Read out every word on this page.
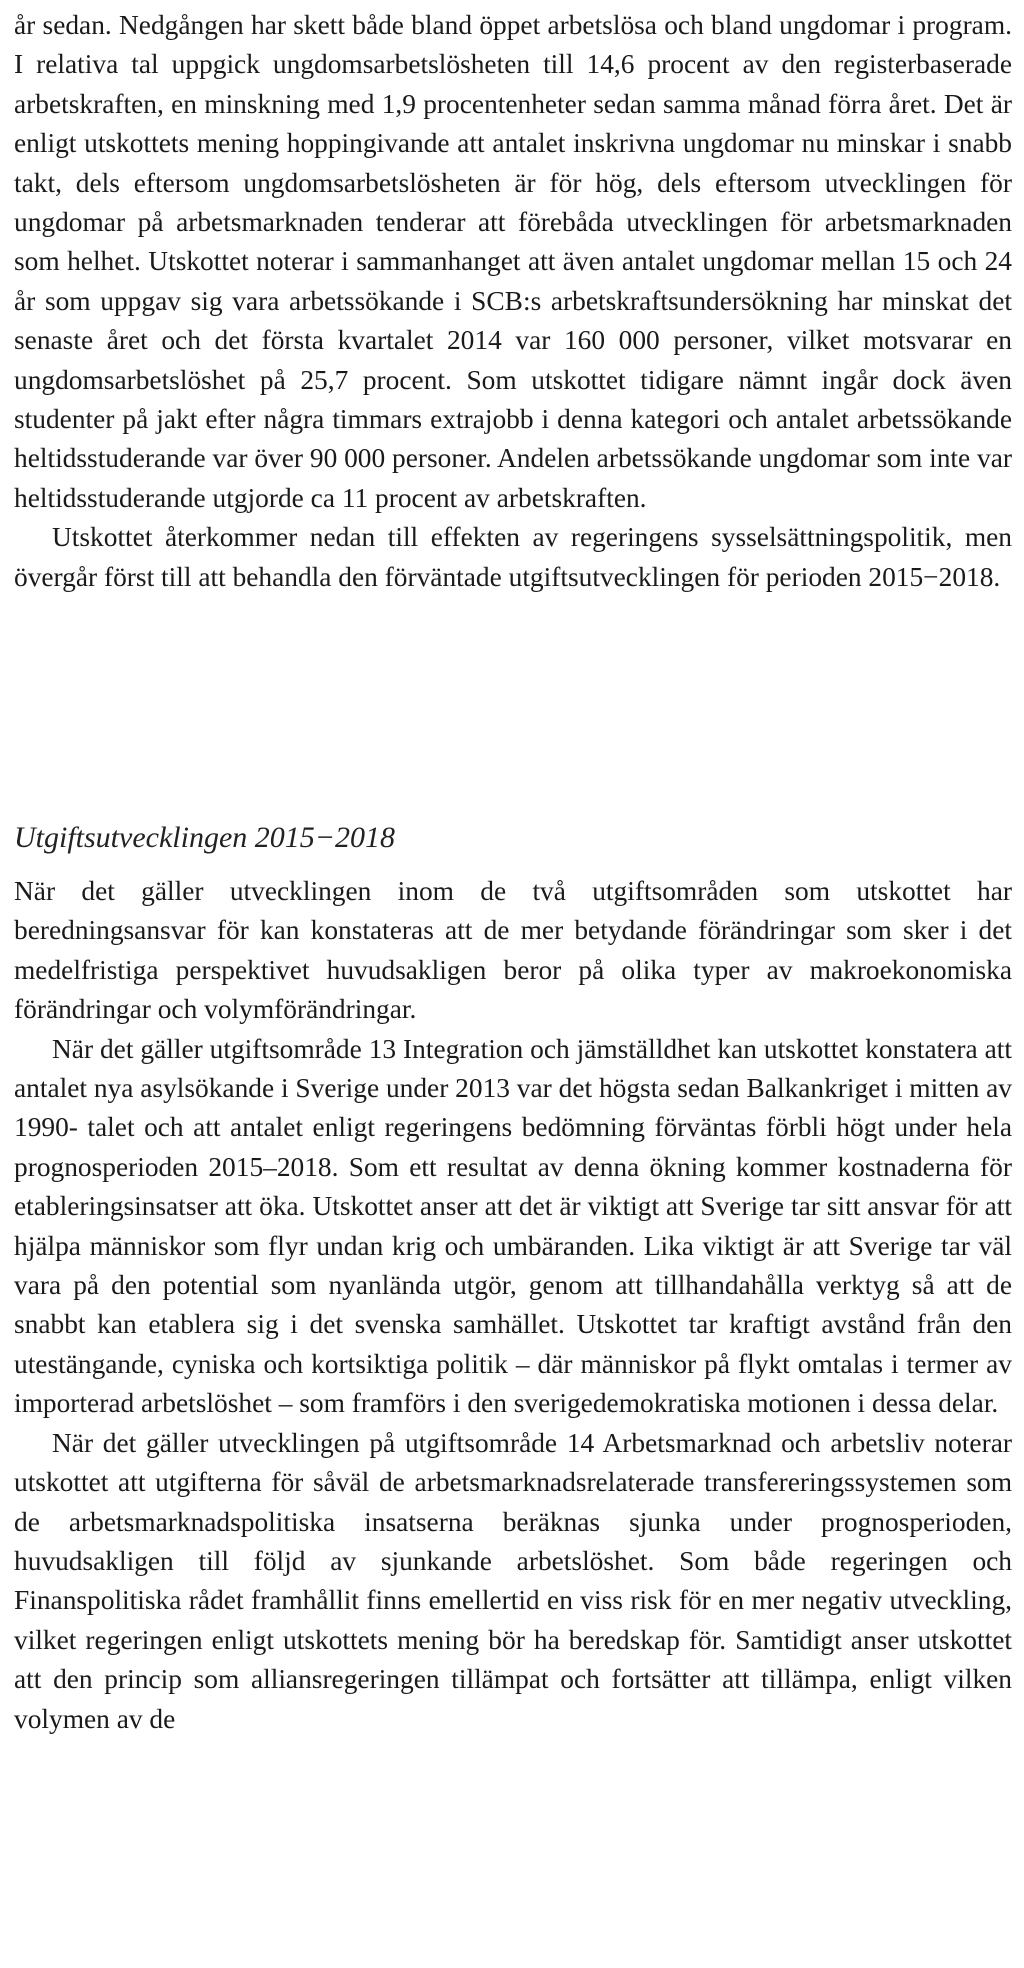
år sedan. Nedgången har skett både bland öppet arbetslösa och bland ungdomar i program. I relativa tal uppgick ungdomsarbetslösheten till 14,6 procent av den registerbaserade arbetskraften, en minskning med 1,9 procentenheter sedan samma månad förra året. Det är enligt utskottets mening hoppingivande att antalet inskrivna ungdomar nu minskar i snabb takt, dels eftersom ungdomsarbetslösheten är för hög, dels eftersom utvecklingen för ungdomar på arbetsmarknaden tenderar att förebåda utvecklingen för arbetsmarknaden som helhet. Utskottet noterar i sammanhanget att även antalet ungdomar mellan 15 och 24 år som uppgav sig vara arbetssökande i SCB:s arbetskraftsundersökning har minskat det senaste året och det första kvartalet 2014 var 160 000 personer, vilket motsvarar en ungdomsarbetslöshet på 25,7 procent. Som utskottet tidigare nämnt ingår dock även studenter på jakt efter några timmars extrajobb i denna kategori och antalet arbetssökande heltidsstuderande var över 90 000 personer. Andelen arbetssökande ungdomar som inte var heltidsstuderande utgjorde ca 11 procent av arbetskraften.

Utskottet återkommer nedan till effekten av regeringens sysselsättningspolitik, men övergår först till att behandla den förväntade utgiftsutvecklingen för perioden 2015−2018.

Utgiftsutvecklingen 2015−2018

När det gäller utvecklingen inom de två utgiftsområden som utskottet har beredningsansvar för kan konstateras att de mer betydande förändringar som sker i det medelfristiga perspektivet huvudsakligen beror på olika typer av makroekonomiska förändringar och volymförändringar.

När det gäller utgiftsområde 13 Integration och jämställdhet kan utskottet konstatera att antalet nya asylsökande i Sverige under 2013 var det högsta sedan Balkankriget i mitten av 1990- talet och att antalet enligt regeringens bedömning förväntas förbli högt under hela prognosperioden 2015–2018. Som ett resultat av denna ökning kommer kostnaderna för etableringsinsatser att öka. Utskottet anser att det är viktigt att Sverige tar sitt ansvar för att hjälpa människor som flyr undan krig och umbäranden. Lika viktigt är att Sverige tar väl vara på den potential som nyanlända utgör, genom att tillhandahålla verktyg så att de snabbt kan etablera sig i det svenska samhället. Utskottet tar kraftigt avstånd från den utestängande, cyniska och kortsiktiga politik – där människor på flykt omtalas i termer av importerad arbetslöshet – som framförs i den sverigedemokratiska motionen i dessa delar.

När det gäller utvecklingen på utgiftsområde 14 Arbetsmarknad och arbetsliv noterar utskottet att utgifterna för såväl de arbetsmarknadsrelaterade transfereringssystemen som de arbetsmarknadspolitiska insatserna beräknas sjunka under prognosperioden, huvudsakligen till följd av sjunkande arbetslöshet. Som både regeringen och Finanspolitiska rådet framhållit finns emellertid en viss risk för en mer negativ utveckling, vilket regeringen enligt utskottets mening bör ha beredskap för. Samtidigt anser utskottet att den princip som alliansregeringen tillämpat och fortsätter att tillämpa, enligt vilken volymen av de
